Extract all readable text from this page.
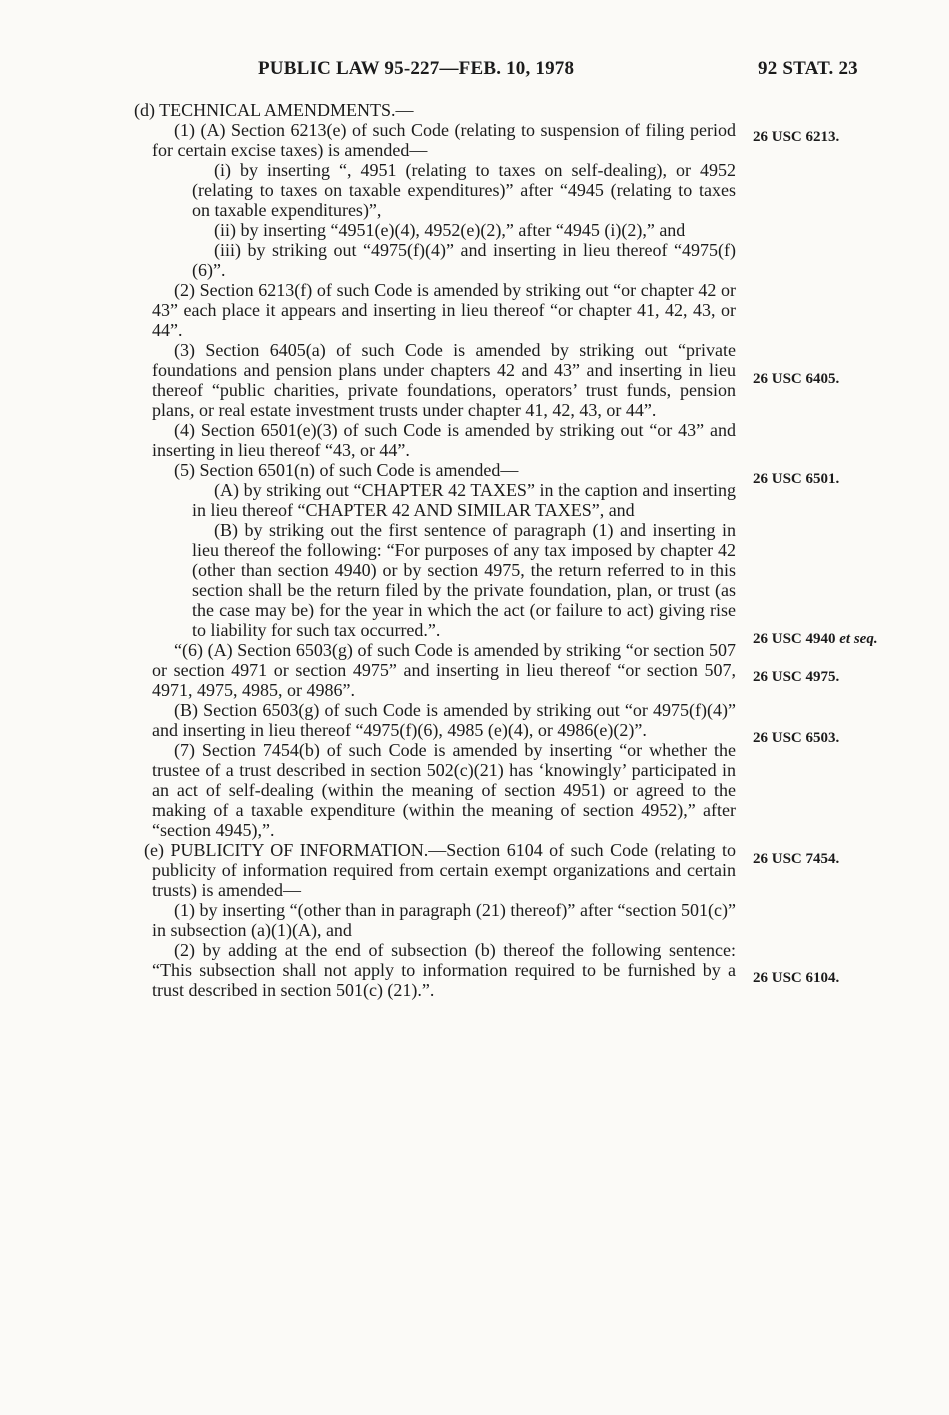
PUBLIC LAW 95-227—FEB. 10, 1978	92 STAT. 23

(d) TECHNICAL AMENDMENTS.—

(1) (A) Section 6213(e) of such Code (relating to suspension of filing period for certain excise taxes) is amended—

(i) by inserting “, 4951 (relating to taxes on self-dealing), or 4952 (relating to taxes on taxable expenditures)” after “4945 (relating to taxes on taxable expenditures)”,

(ii) by inserting “4951(e)(4), 4952(e)(2),” after “4945 (i)(2),” and

(iii) by striking out “4975(f)(4)” and inserting in lieu thereof “4975(f)(6)”.

(2) Section 6213(f) of such Code is amended by striking out “or chapter 42 or 43” each place it appears and inserting in lieu thereof “or chapter 41, 42, 43, or 44”.

(3) Section 6405(a) of such Code is amended by striking out “private foundations and pension plans under chapters 42 and 43” and inserting in lieu thereof “public charities, private foundations, operators’ trust funds, pension plans, or real estate investment trusts under chapter 41, 42, 43, or 44”.

(4) Section 6501(e)(3) of such Code is amended by striking out “or 43” and inserting in lieu thereof “43, or 44”.

(5) Section 6501(n) of such Code is amended—

(A) by striking out “CHAPTER 42 TAXES” in the caption and inserting in lieu thereof “CHAPTER 42 AND SIMILAR TAXES”, and

(B) by striking out the first sentence of paragraph (1) and inserting in lieu thereof the following: “For purposes of any tax imposed by chapter 42 (other than section 4940) or by section 4975, the return referred to in this section shall be the return filed by the private foundation, plan, or trust (as the case may be) for the year in which the act (or failure to act) giving rise to liability for such tax occurred.”.

“(6) (A) Section 6503(g) of such Code is amended by striking “or section 507 or section 4971 or section 4975” and inserting in lieu thereof “or section 507, 4971, 4975, 4985, or 4986”.

(B) Section 6503(g) of such Code is amended by striking out “or 4975(f)(4)” and inserting in lieu thereof “4975(f)(6), 4985 (e)(4), or 4986(e)(2)”.

(7) Section 7454(b) of such Code is amended by inserting “or whether the trustee of a trust described in section 502(c)(21) has ‘knowingly’ participated in an act of self-dealing (within the meaning of section 4951) or agreed to the making of a taxable expenditure (within the meaning of section 4952),” after “section 4945),”.

(e) PUBLICITY OF INFORMATION.—Section 6104 of such Code (relating to publicity of information required from certain exempt organizations and certain trusts) is amended—

(1) by inserting “(other than in paragraph (21) thereof)” after “section 501(c)” in subsection (a)(1)(A), and

(2) by adding at the end of subsection (b) thereof the following sentence: “This subsection shall not apply to information required to be furnished by a trust described in section 501(c) (21).”.

26 USC 6213.
26 USC 6405.
26 USC 6501.
26 USC 4940 et seq.
26 USC 4975.
26 USC 6503.
26 USC 7454.
26 USC 6104.
